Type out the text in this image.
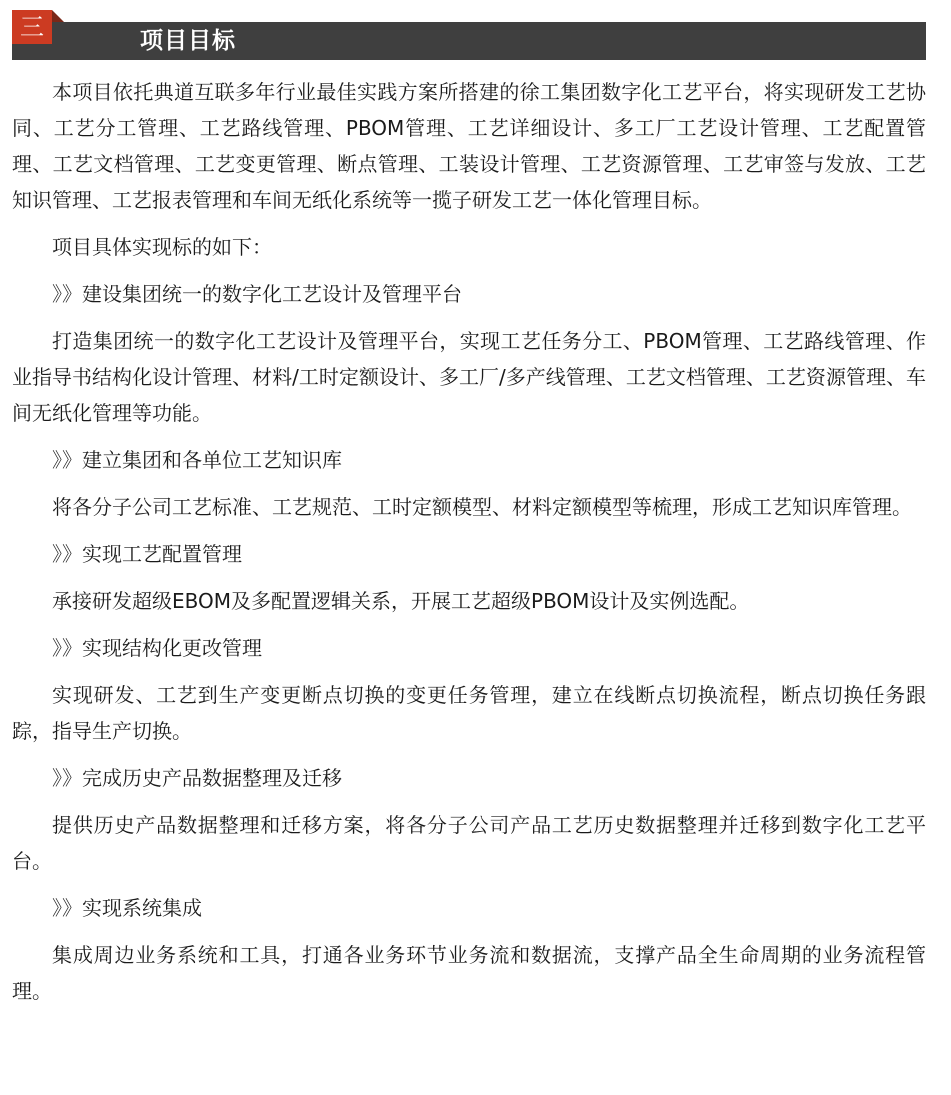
三	项目目标

本项目依托典道互联多年行业最佳实践方案所搭建的徐工集团数字化工艺平台，将实现研发工艺协同、工艺分工管理、工艺路线管理、PBOM管理、工艺详细设计、多工厂工艺设计管理、工艺配置管理、工艺文档管理、工艺变更管理、断点管理、工装设计管理、工艺资源管理、工艺审签与发放、工艺知识管理、工艺报表管理和车间无纸化系统等一揽子研发工艺一体化管理目标。

项目具体实现标的如下：

》》建设集团统一的数字化工艺设计及管理平台

打造集团统一的数字化工艺设计及管理平台，实现工艺任务分工、PBOM管理、工艺路线管理、作业指导书结构化设计管理、材料/工时定额设计、多工厂/多产线管理、工艺文档管理、工艺资源管理、车间无纸化管理等功能。

》》建立集团和各单位工艺知识库

将各分子公司工艺标准、工艺规范、工时定额模型、材料定额模型等梳理，形成工艺知识库管理。

》》实现工艺配置管理

承接研发超级EBOM及多配置逻辑关系，开展工艺超级PBOM设计及实例选配。

》》实现结构化更改管理

实现研发、工艺到生产变更断点切换的变更任务管理，建立在线断点切换流程，断点切换任务跟踪，指导生产切换。

》》完成历史产品数据整理及迁移

提供历史产品数据整理和迁移方案，将各分子公司产品工艺历史数据整理并迁移到数字化工艺平台。

》》实现系统集成

集成周边业务系统和工具，打通各业务环节业务流和数据流，支撑产品全生命周期的业务流程管理。
